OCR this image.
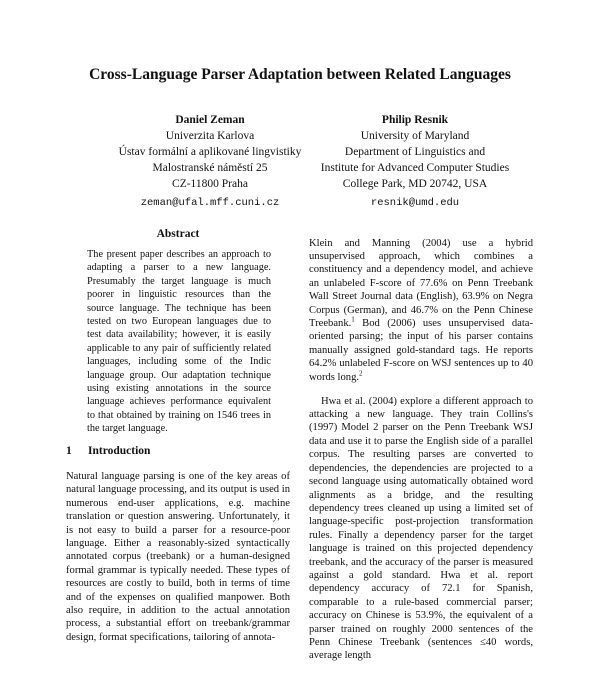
Cross-Language Parser Adaptation between Related Languages
Daniel Zeman
Univerzita Karlova
Ústav formální a aplikované lingvistiky
Malostranské náměstí 25
CZ-11800 Praha
zeman@ufal.mff.cuni.cz
Philip Resnik
University of Maryland
Department of Linguistics and
Institute for Advanced Computer Studies
College Park, MD 20742, USA
resnik@umd.edu
Abstract
The present paper describes an approach to adapting a parser to a new language. Presumably the target language is much poorer in linguistic resources than the source language. The technique has been tested on two European languages due to test data availability; however, it is easily applicable to any pair of sufficiently related languages, including some of the Indic language group. Our adaptation technique using existing annotations in the source language achieves performance equivalent to that obtained by training on 1546 trees in the target language.
1 Introduction
Natural language parsing is one of the key areas of natural language processing, and its output is used in numerous end-user applications, e.g. machine translation or question answering. Unfortunately, it is not easy to build a parser for a resource-poor language. Either a reasonably-sized syntactically annotated corpus (treebank) or a human-designed formal grammar is typically needed. These types of resources are costly to build, both in terms of time and of the expenses on qualified manpower. Both also require, in addition to the actual annotation process, a substantial effort on treebank/grammar design, format specifications, tailoring of annota-

Klein and Manning (2004) use a hybrid unsupervised approach, which combines a constituency and a dependency model, and achieve an unlabeled F-score of 77.6% on Penn Treebank Wall Street Journal data (English), 63.9% on Negra Corpus (German), and 46.7% on the Penn Chinese Treebank.$^1$ Bod (2006) uses unsupervised data-oriented parsing; the input of his parser contains manually assigned gold-standard tags. He reports 64.2% unlabeled F-score on WSJ sentences up to 40 words long.$^2$

Hwa et al. (2004) explore a different approach to attacking a new language. They train Collins's (1997) Model 2 parser on the Penn Treebank WSJ data and use it to parse the English side of a parallel corpus. The resulting parses are converted to dependencies, the dependencies are projected to a second language using automatically obtained word alignments as a bridge, and the resulting dependency trees cleaned up using a limited set of language-specific post-projection transformation rules. Finally a dependency parser for the target language is trained on this projected dependency treebank, and the accuracy of the parser is measured against a gold standard. Hwa et al. report dependency accuracy of 72.1 for Spanish, comparable to a rule-based commercial parser; accuracy on Chinese is 53.9%, the equivalent of a parser trained on roughly 2000 sentences of the Penn Chinese Treebank (sentences ≤40 words, average length
